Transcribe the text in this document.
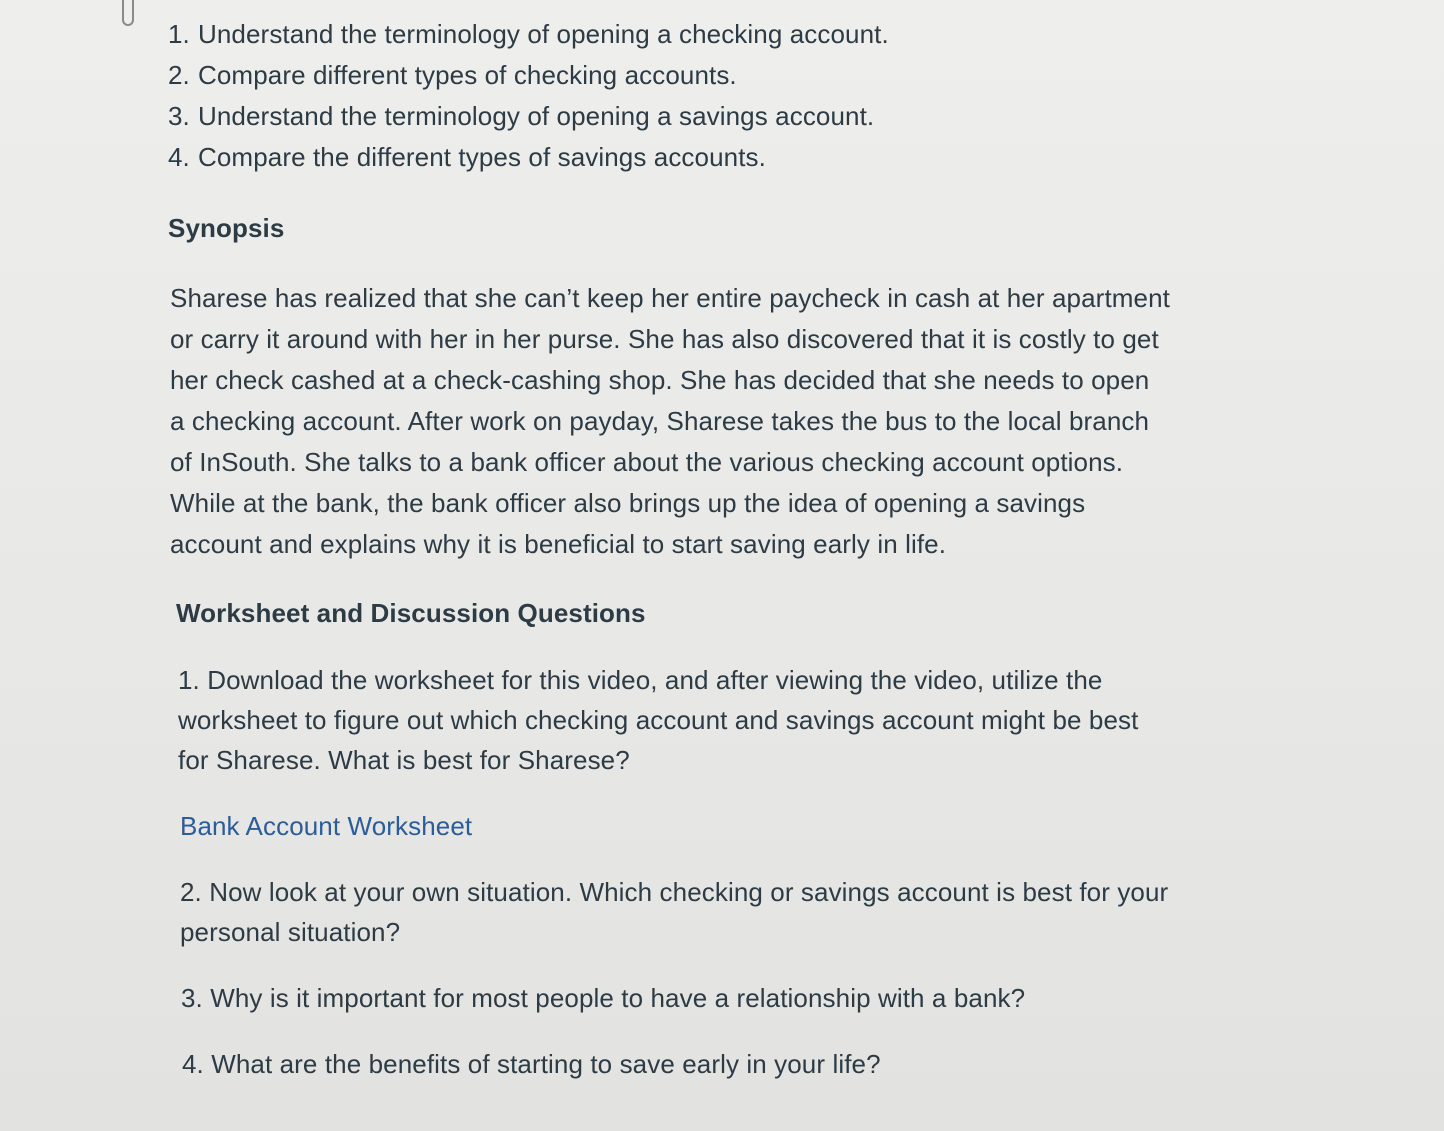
1. Understand the terminology of opening a checking account.
2. Compare different types of checking accounts.
3. Understand the terminology of opening a savings account.
4. Compare the different types of savings accounts.
Synopsis

Sharese has realized that she can’t keep her entire paycheck in cash at her apartment or carry it around with her in her purse. She has also discovered that it is costly to get her check cashed at a check-cashing shop. She has decided that she needs to open a checking account. After work on payday, Sharese takes the bus to the local branch of InSouth. She talks to a bank officer about the various checking account options. While at the bank, the bank officer also brings up the idea of opening a savings account and explains why it is beneficial to start saving early in life.

Worksheet and Discussion Questions

1. Download the worksheet for this video, and after viewing the video, utilize the worksheet to figure out which checking account and savings account might be best for Sharese. What is best for Sharese?

Bank Account Worksheet

2. Now look at your own situation. Which checking or savings account is best for your personal situation?

3. Why is it important for most people to have a relationship with a bank?

4. What are the benefits of starting to save early in your life?
